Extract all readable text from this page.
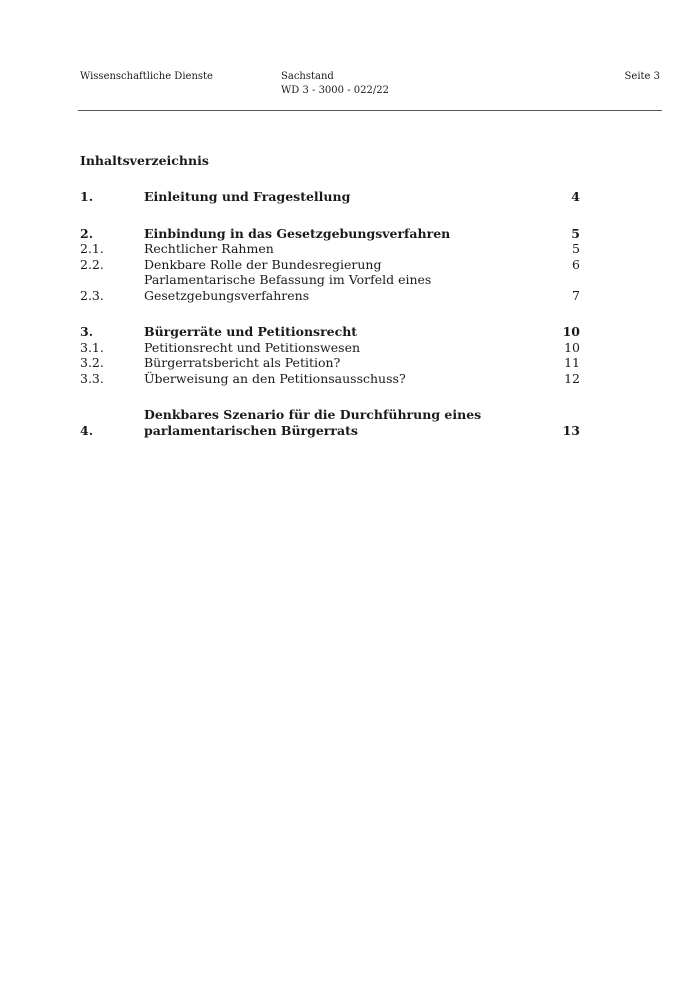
Wissenschaftliche Dienste	Sachstand
WD 3 - 3000 - 022/22
Seite 3
Inhaltsverzeichnis
1.	Einleitung und Fragestellung	4
2.	Einbindung in das Gesetzgebungsverfahren	5
2.1.	Rechtlicher Rahmen	5
2.2.	Denkbare Rolle der Bundesregierung	6
2.3.
Parlamentarische Befassung im Vorfeld eines
Gesetzgebungsverfahrens	7
3.	Bürgerräte und Petitionsrecht	10
3.1.	Petitionsrecht und Petitionswesen	10
3.2.	Bürgerratsbericht als Petition?	11
3.3.	Überweisung an den Petitionsausschuss?	12
4.
Denkbares Szenario für die Durchführung eines
parlamentarischen Bürgerrats	13
